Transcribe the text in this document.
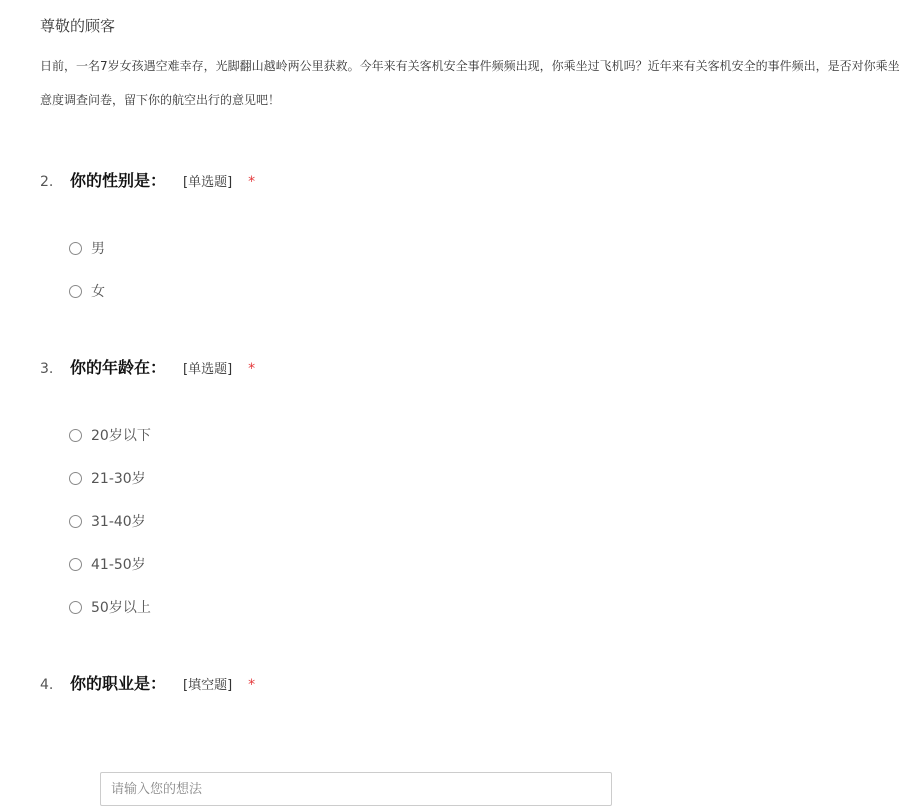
尊敬的顾客
日前，一名7岁女孩遇空难幸存，光脚翻山越岭两公里获救。今年来有关客机安全事件频频出现，你乘坐过飞机吗？近年来有关客机安全的事件频出，是否对你乘坐
意度调查问卷，留下你的航空出行的意见吧！
2.	你的性别是： [单选题] *
男
女
3.	你的年龄在： [单选题] *
20岁以下
21-30岁
31-40岁
41-50岁
50岁以上
4.	你的职业是： [填空题] *
请输入您的想法
